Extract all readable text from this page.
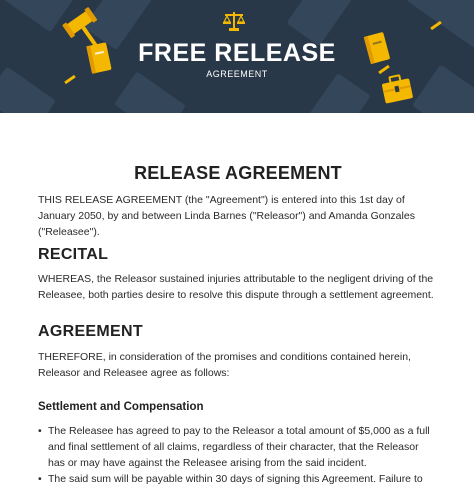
FREE RELEASE
AGREEMENT
RELEASE AGREEMENT
THIS RELEASE AGREEMENT (the "Agreement") is entered into this 1st day of January 2050, by and between Linda Barnes ("Releasor") and Amanda Gonzales ("Releasee").
RECITAL
WHEREAS, the Releasor sustained injuries attributable to the negligent driving of the Releasee, both parties desire to resolve this dispute through a settlement agreement.
AGREEMENT
THEREFORE, in consideration of the promises and conditions contained herein, Releasor and Releasee agree as follows:
Settlement and Compensation
• The Releasee has agreed to pay to the Releasor a total amount of $5,000 as a full and final settlement of all claims, regardless of their character, that the Releasor has or may have against the Releasee arising from the said incident.
• The said sum will be payable within 30 days of signing this Agreement. Failure to
